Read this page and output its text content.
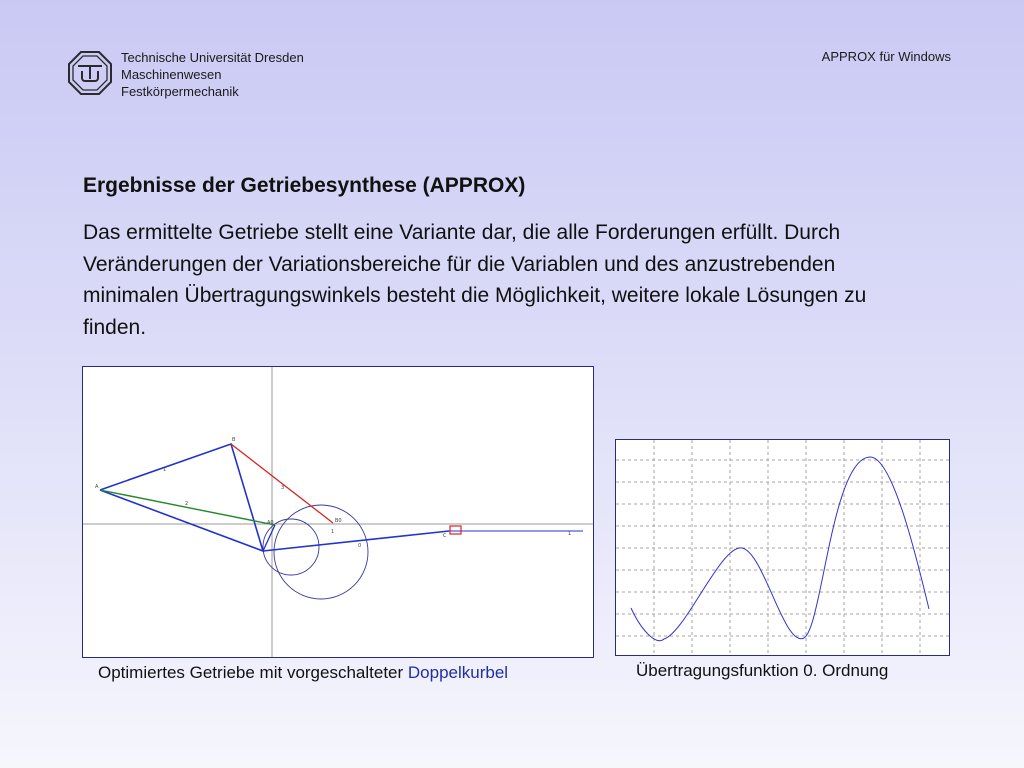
Technische Universität Dresden
Maschinenwesen
Festkörpermechanik
APPROX für Windows
Ergebnisse der Getriebesynthese (APPROX)

Das ermittelte Getriebe stellt eine Variante dar, die alle Forderungen erfüllt. Durch Veränderungen der Variationsbereiche für die Variablen und des anzustrebenden minimalen Übertragungswinkels besteht die Möglichkeit, weitere lokale Lösungen zu finden.

B
1
2
3
A0	B0
1
0
C	1
A
Optimiertes Getriebe mit vorgeschalteter Doppelkurbel	Übertragungsfunktion 0. Ordnung
